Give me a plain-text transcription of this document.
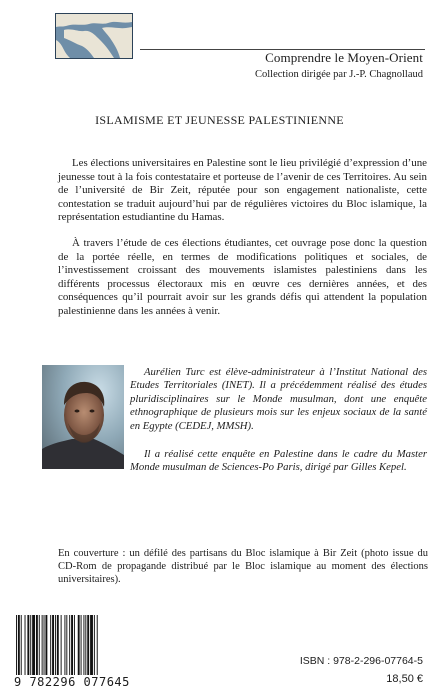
Comprendre le Moyen-Orient
Collection dirigée par J.-P. Chagnollaud
ISLAMISME ET JEUNESSE PALESTINIENNE

Les élections universitaires en Palestine sont le lieu privilégié d’expression d’une jeunesse tout à la fois contestataire et porteuse de l’avenir de ces Territoires. Au sein de l’université de Bir Zeit, réputée pour son engagement nationaliste, cette contestation se traduit aujourd’hui par de régulières victoires du Bloc islamique, la représentation estudiantine du Hamas.

À travers l’étude de ces élections étudiantes, cet ouvrage pose donc la question de la portée réelle, en termes de modifications politiques et sociales, de l’investissement croissant des mouvements islamistes palestiniens dans les différents processus électoraux mis en œuvre ces dernières années, et des conséquences qu’il pourrait avoir sur les grands défis qui attendent la population palestinienne dans les années à venir.

Aurélien Turc est élève-administrateur à l’Institut National des Etudes Territoriales (INET). Il a précédemment réalisé des études pluridisciplinaires sur le Monde musulman, dont une enquête ethnographique de plusieurs mois sur les enjeux sociaux de la santé en Egypte (CEDEJ, MMSH).

Il a réalisé cette enquête en Palestine dans le cadre du Master Monde musulman de Sciences-Po Paris, dirigé par Gilles Kepel.

En couverture : un défilé des partisans du Bloc islamique à Bir Zeit (photo issue du CD-Rom de propagande distribué par le Bloc islamique au moment des élections universitaires).

9 782296 077645
ISBN : 978-2-296-07764-5
18,50 €
